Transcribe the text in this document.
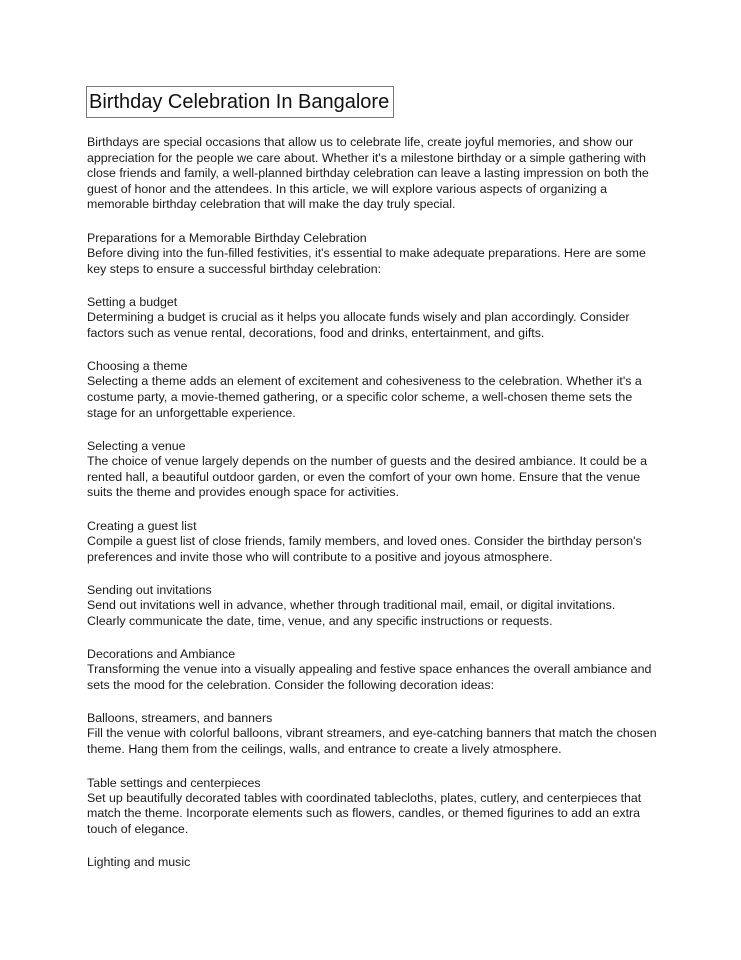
Birthday Celebration In Bangalore

Birthdays are special occasions that allow us to celebrate life, create joyful memories, and show our appreciation for the people we care about. Whether it's a milestone birthday or a simple gathering with close friends and family, a well-planned birthday celebration can leave a lasting impression on both the guest of honor and the attendees. In this article, we will explore various aspects of organizing a memorable birthday celebration that will make the day truly special.

Preparations for a Memorable Birthday Celebration

Before diving into the fun-filled festivities, it's essential to make adequate preparations. Here are some key steps to ensure a successful birthday celebration:

Setting a budget

Determining a budget is crucial as it helps you allocate funds wisely and plan accordingly. Consider factors such as venue rental, decorations, food and drinks, entertainment, and gifts.

Choosing a theme

Selecting a theme adds an element of excitement and cohesiveness to the celebration. Whether it's a costume party, a movie-themed gathering, or a specific color scheme, a well-chosen theme sets the stage for an unforgettable experience.

Selecting a venue

The choice of venue largely depends on the number of guests and the desired ambiance. It could be a rented hall, a beautiful outdoor garden, or even the comfort of your own home. Ensure that the venue suits the theme and provides enough space for activities.

Creating a guest list

Compile a guest list of close friends, family members, and loved ones. Consider the birthday person's preferences and invite those who will contribute to a positive and joyous atmosphere.

Sending out invitations

Send out invitations well in advance, whether through traditional mail, email, or digital invitations. Clearly communicate the date, time, venue, and any specific instructions or requests.

Decorations and Ambiance

Transforming the venue into a visually appealing and festive space enhances the overall ambiance and sets the mood for the celebration. Consider the following decoration ideas:

Balloons, streamers, and banners

Fill the venue with colorful balloons, vibrant streamers, and eye-catching banners that match the chosen theme. Hang them from the ceilings, walls, and entrance to create a lively atmosphere.

Table settings and centerpieces

Set up beautifully decorated tables with coordinated tablecloths, plates, cutlery, and centerpieces that match the theme. Incorporate elements such as flowers, candles, or themed figurines to add an extra touch of elegance.

Lighting and music
